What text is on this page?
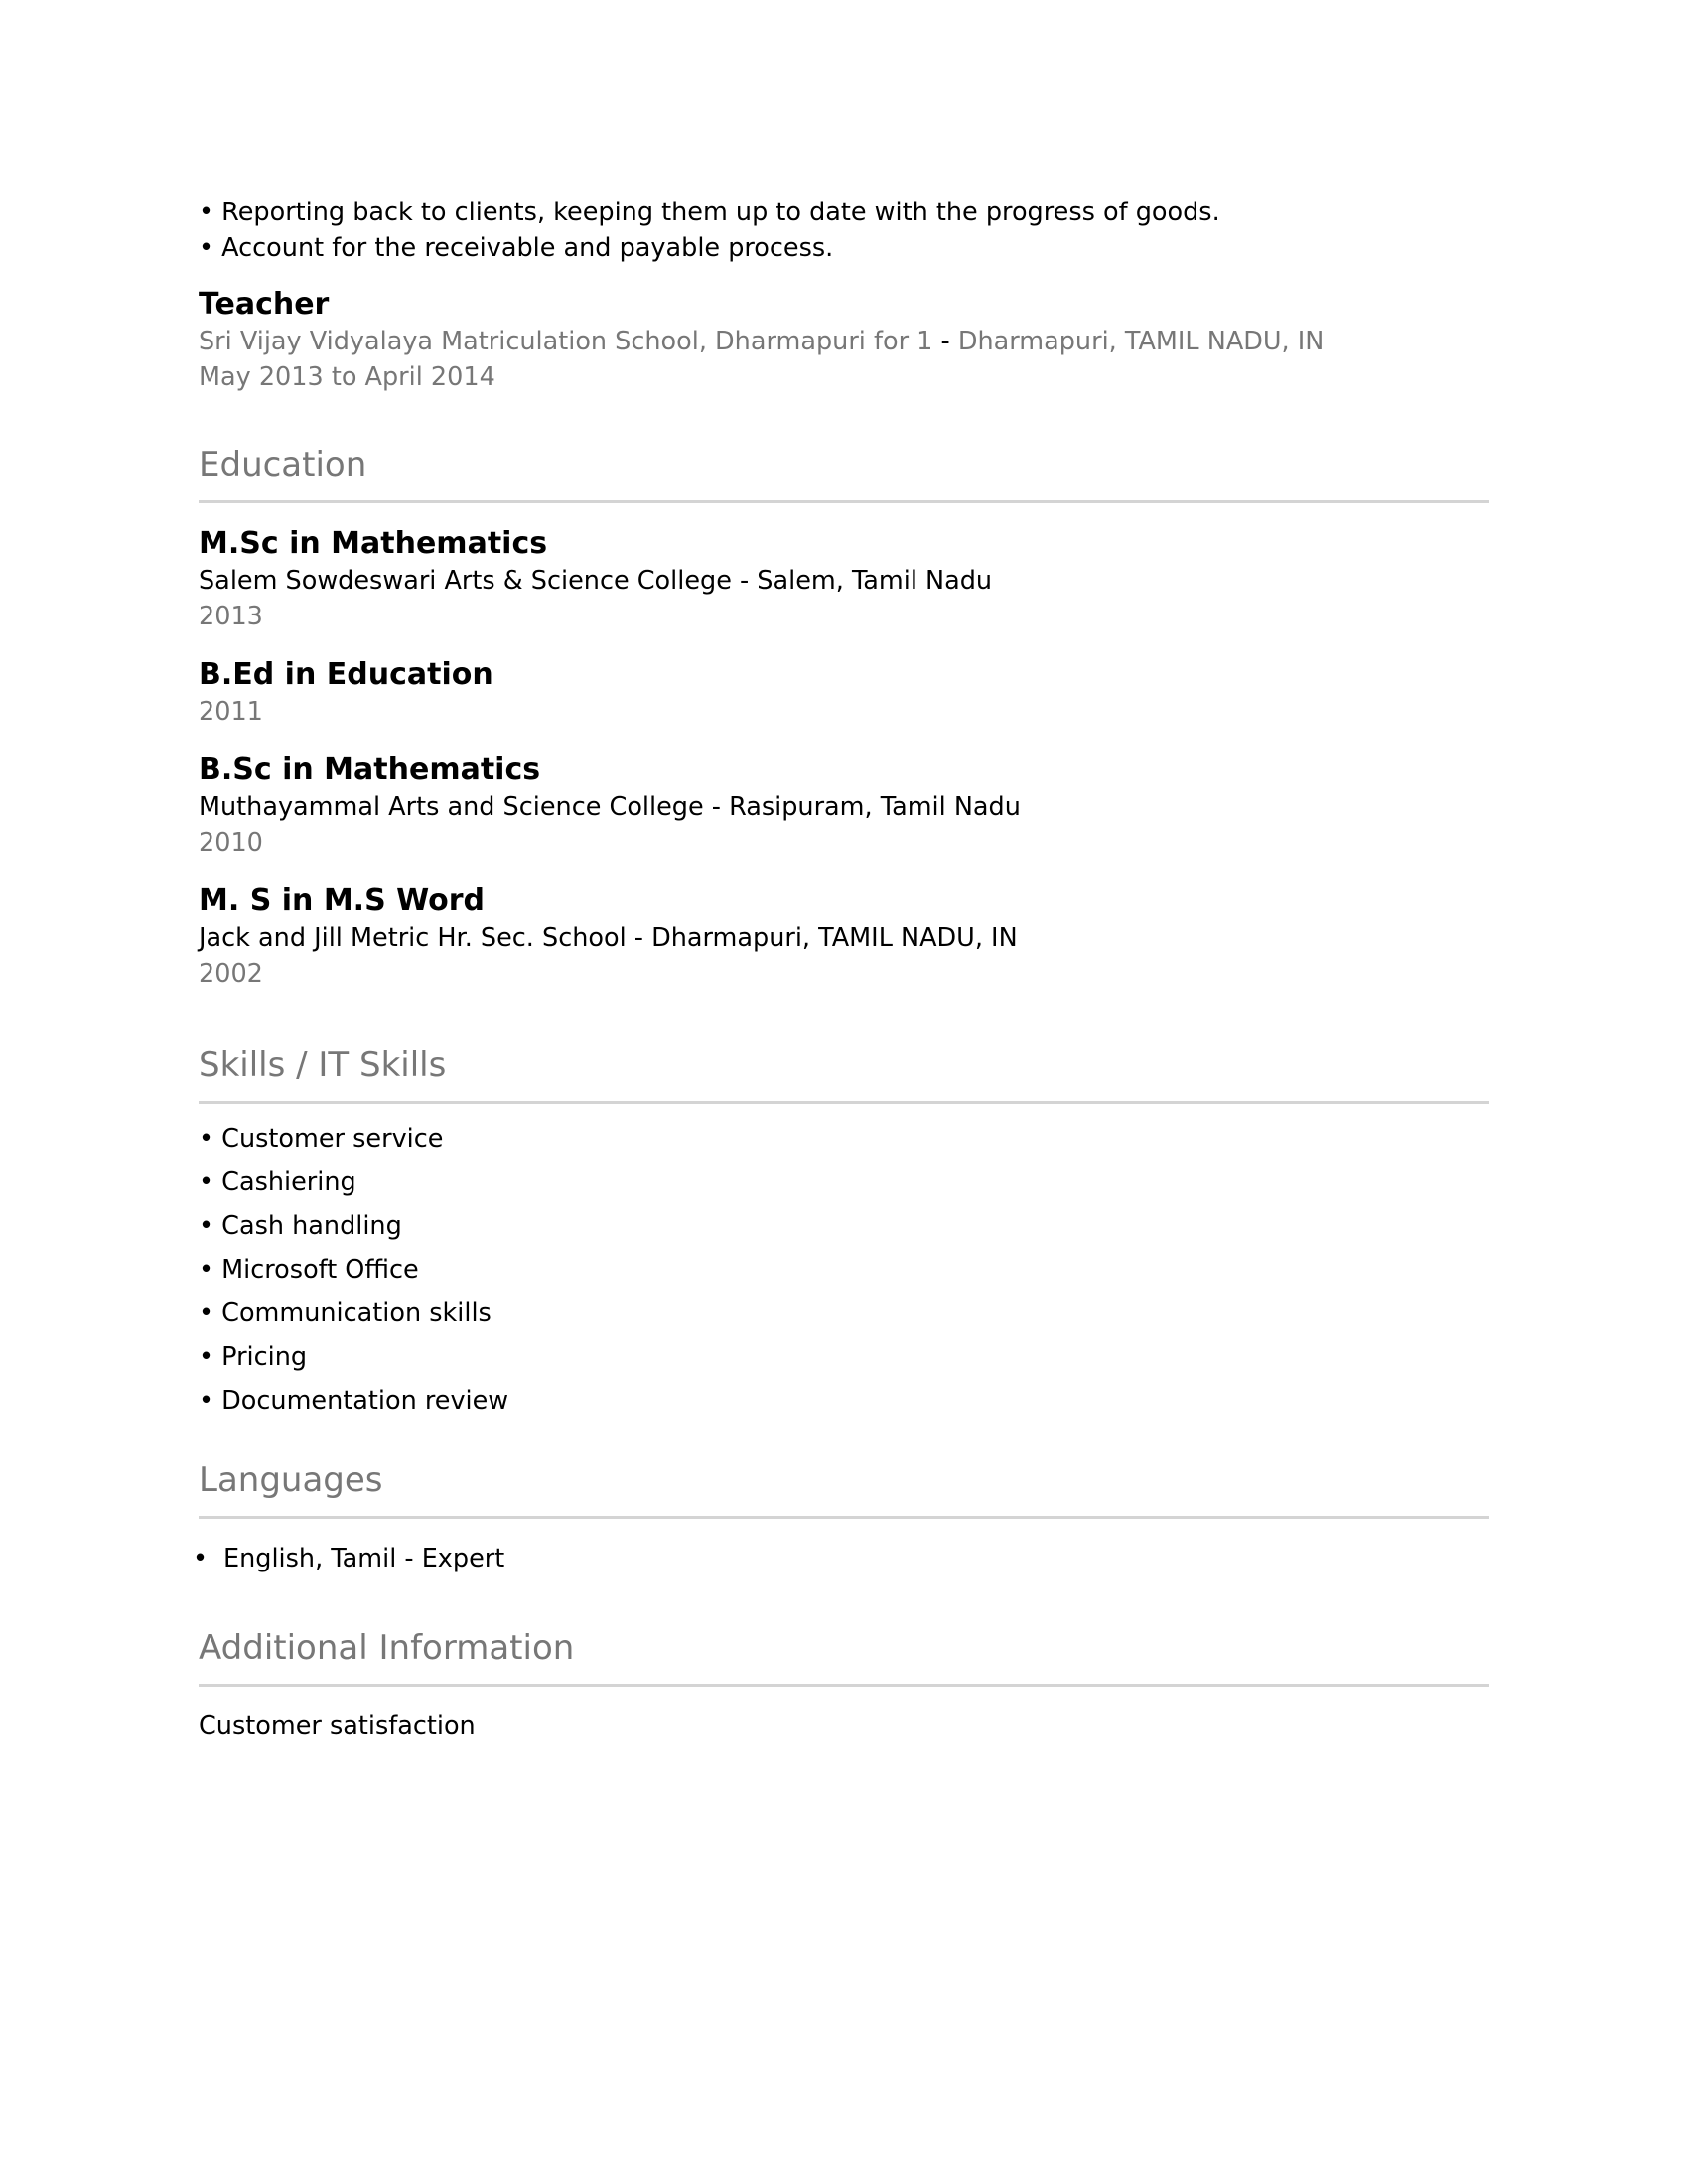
• Reporting back to clients, keeping them up to date with the progress of goods.
• Account for the receivable and payable process.
Teacher
Sri Vijay Vidyalaya Matriculation School, Dharmapuri for 1 - Dharmapuri, TAMIL NADU, IN
May 2013 to April 2014
Education
M.Sc in Mathematics
Salem Sowdeswari Arts & Science College - Salem, Tamil Nadu
2013
B.Ed in Education
2011
B.Sc in Mathematics
Muthayammal Arts and Science College - Rasipuram, Tamil Nadu
2010
M. S in M.S Word
Jack and Jill Metric Hr. Sec. School - Dharmapuri, TAMIL NADU, IN
2002
Skills / IT Skills
• Customer service
• Cashiering
• Cash handling
• Microsoft Office
• Communication skills
• Pricing
• Documentation review
Languages
• English, Tamil - Expert
Additional Information
Customer satisfaction
